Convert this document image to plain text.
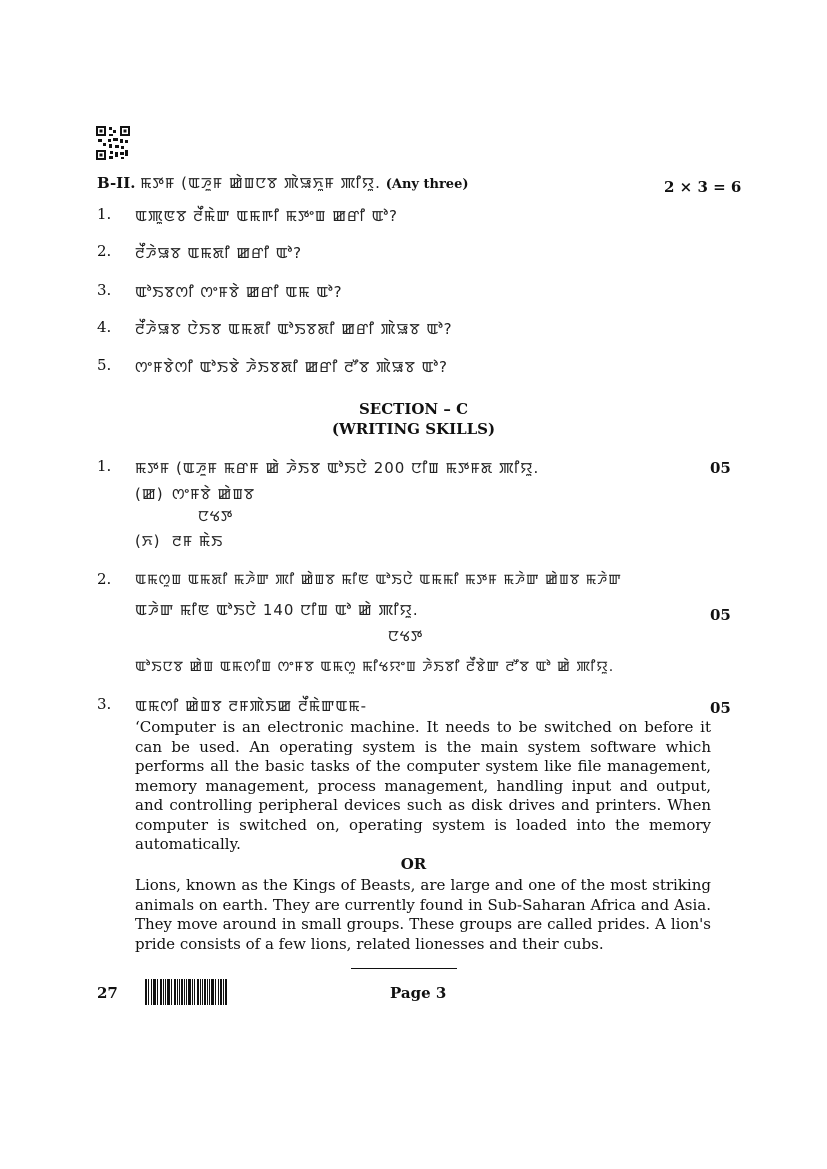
B-II. ꯃꯇꯝ (ꯑꯍꯨꯝ ꯀꯥꯡꯅꯕ ꯄꯥꯎꯈꯨꯝ ꯄꯤꯌꯨ. (Any three)	2 × 3 = 6
1. ꯑꯄꯨꯟꯕ ꯂꯩꯃꯥꯛ ꯑꯃꯒꯤ ꯃꯇꯦꯡ ꯀꯔꯤ ꯑꯣ?
2. ꯂꯩꯍꯥꯎꯕ ꯑꯃꯗꯤ ꯀꯔꯤ ꯑꯣ?
3. ꯑꯣꯏꯕꯁꯤ ꯁꯦꯝꯕꯥ ꯀꯔꯤ ꯑꯃ ꯑꯣ?
4. ꯂꯩꯍꯥꯎꯕ ꯅꯥꯏꯕ ꯑꯃꯗꯤ ꯑꯣꯏꯕꯗꯤ ꯀꯔꯤ ꯄꯥꯎꯕ ꯑꯣ?
5. ꯁꯦꯝꯕꯥꯁꯤ ꯑꯣꯏꯕꯥ ꯍꯥꯏꯕꯗꯤ ꯀꯔꯤ ꯂꯧꯕ ꯄꯥꯎꯕ ꯑꯣ?
SECTION – C
(WRITING SKILLS)
1. ꯃꯇꯝ (ꯑꯍꯨꯝ ꯃꯔꯝ ꯀꯥ ꯍꯥꯏꯕ ꯑꯣꯏꯅꯥ 200 ꯅꯤꯡ ꯃꯇꯝꯗ ꯄꯤꯌꯨ.	05
(ꯀ) ꯁꯦꯝꯕꯥ ꯀꯥꯡꯕ
ꯅꯠꯇ
(ꯈ) ꯂꯝ ꯃꯥꯏ
2. ꯑꯃꯁꯨꯡ ꯑꯃꯗꯤ ꯃꯍꯥꯛ ꯄꯤ ꯀꯥꯡꯕ ꯃꯤꯟ ꯑꯣꯏꯅꯥ ꯑꯃꯃꯤ ꯃꯇꯝ ꯃꯍꯥꯛ ꯀꯥꯡꯕ ꯃꯍꯥꯛ
ꯑꯍꯥꯛ ꯃꯤꯟ ꯑꯣꯏꯅꯥ 140 ꯅꯤꯡ ꯑꯣ ꯀꯥ ꯄꯤꯌꯨ.	05
ꯅꯠꯇ
ꯑꯣꯏꯅꯕ ꯀꯥꯡ ꯑꯃꯁꯤꯡ ꯁꯦꯝꯕ ꯑꯃꯁꯨ ꯃꯤꯠꯌꯦꯡ ꯍꯥꯏꯕꯤ ꯂꯩꯕꯥꯛ ꯂꯧꯕ ꯑꯣ ꯀꯥ ꯄꯤꯌꯨ.
3. ꯑꯃꯁꯤ ꯀꯥꯡꯕ ꯂꯝꯄꯥꯏꯀ ꯂꯩꯃꯥꯛꯑꯃ-	05
‘Computer is an electronic machine. It needs to be switched on before it can be used. An operating system is the main system software which performs all the basic tasks of the computer system like file management, memory management, process management, handling input and output, and controlling peripheral devices such as disk drives and printers. When computer is switched on, operating system is loaded into the memory automatically.
OR
Lions, known as the Kings of Beasts, are large and one of the most striking animals on earth. They are currently found in Sub-Saharan Africa and Asia. They move around in small groups. These groups are called prides. A lion's pride consists of a few lions, related lionesses and their cubs.
27	Page 3
